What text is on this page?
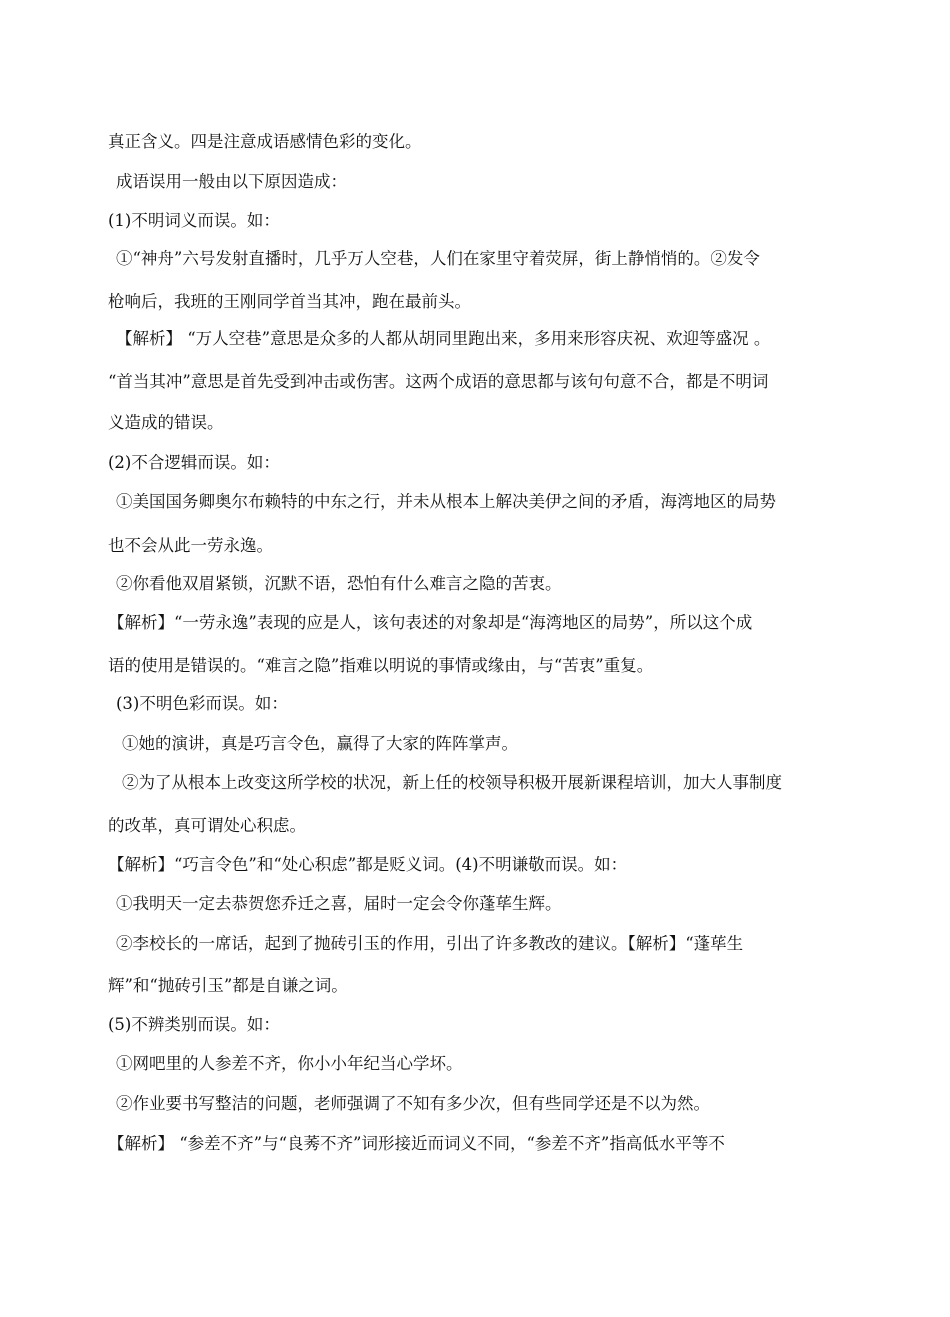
真正含义。四是注意成语感情色彩的变化。
成语误用一般由以下原因造成：
(1)不明词义而误。如：
①“神舟”六号发射直播时，几乎万人空巷，人们在家里守着荧屏，街上静悄悄的。②发令
枪响后，我班的王刚同学首当其冲，跑在最前头。
【解析】 “万人空巷”意思是众多的人都从胡同里跑出来，多用来形容庆祝、欢迎等盛况 。
“首当其冲”意思是首先受到冲击或伤害。这两个成语的意思都与该句句意不合，都是不明词
义造成的错误。
(2)不合逻辑而误。如：
①美国国务卿奥尔布赖特的中东之行，并未从根本上解决美伊之间的矛盾，海湾地区的局势
也不会从此一劳永逸。
②你看他双眉紧锁，沉默不语，恐怕有什么难言之隐的苦衷。
【解析】“一劳永逸”表现的应是人，该句表述的对象却是“海湾地区的局势”，所以这个成
语的使用是错误的。“难言之隐”指难以明说的事情或缘由，与“苦衷”重复。
(3)不明色彩而误。如：
①她的演讲，真是巧言令色，赢得了大家的阵阵掌声。
②为了从根本上改变这所学校的状况，新上任的校领导积极开展新课程培训，加大人事制度
的改革，真可谓处心积虑。
【解析】“巧言令色”和“处心积虑”都是贬义词。(4)不明谦敬而误。如：
①我明天一定去恭贺您乔迁之喜，届时一定会令你蓬荜生辉。
②李校长的一席话，起到了抛砖引玉的作用，引出了许多教改的建议。【解析】“蓬荜生
辉”和“抛砖引玉”都是自谦之词。
(5)不辨类别而误。如：
①网吧里的人参差不齐，你小小年纪当心学坏。
②作业要书写整洁的问题，老师强调了不知有多少次，但有些同学还是不以为然。
【解析】 “参差不齐”与“良莠不齐”词形接近而词义不同，“参差不齐”指高低水平等不
